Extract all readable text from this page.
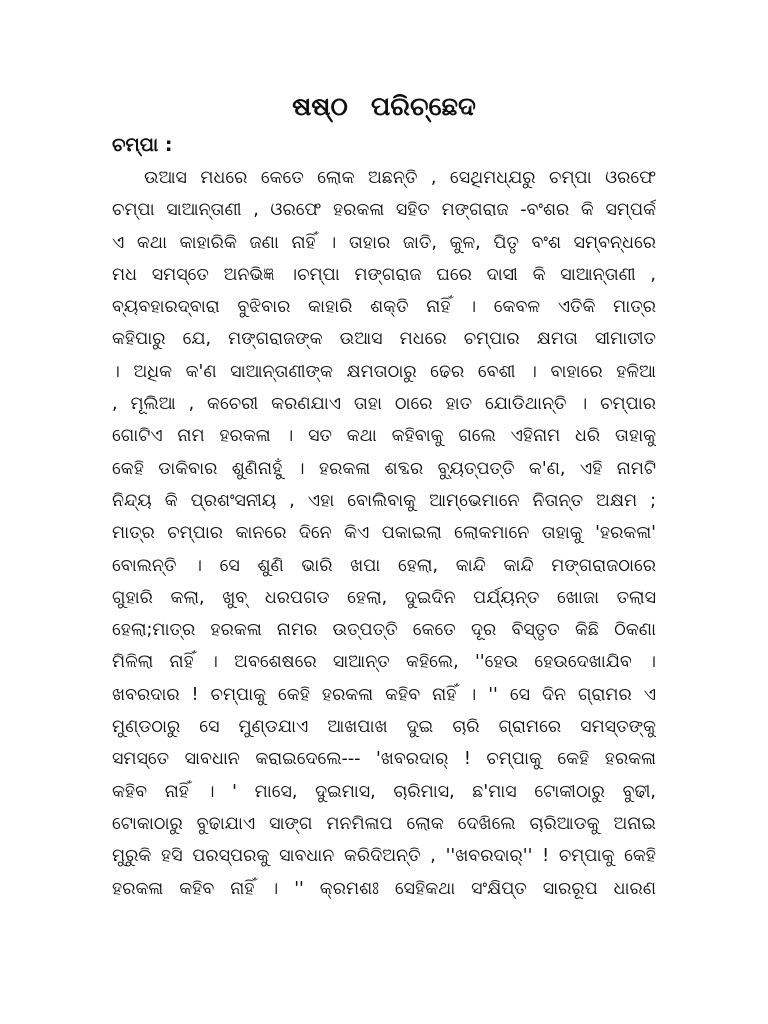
ଷଷ୍ଠ ପରିଚ୍ଛେଦ
ଚମ୍ପା :
ଉଆସ ମଧରେ କେତେ ଲୋକ ଅଛନ୍ତି , ସେଥିମଧ୍ଯରୁ ଚମ୍ପା ଓରଫେ
ଚମ୍ପା ସାଆନ୍ତାଣୀ , ଓରଫେ ହରକଳା ସହିତ ମଙ୍ଗରାଜ -ବଂଶର କି ସମ୍ପର୍କ
ଏ କଥା କାହାରିକି ଜଣା ନାହିଁ । ତାହାର ଜାତି, କୁଳ, ପିତୃ ବଂଶ ସମ୍ବନ୍ଧରେ
ମଧ ସମସ୍ତେ ଅନଭିଜ୍ଞ ।ଚମ୍ପା ମଙ୍ଗରାଜ ଘରେ ଦାସୀ କି ସାଆନ୍ତାଣୀ ,
ବ୍ୟବହାରଦ୍ବାରା ବୁଝିବାର କାହାରି ଶକ୍ତି ନାହିଁ । କେବଳ ଏତିକି ମାତ୍ର
କହିପାରୁ ଯେ, ମଙ୍ଗରାଜଙ୍କ ଉଆସ ମଧରେ ଚମ୍ପାର କ୍ଷମତା ସୀମାତୀତ
। ଅଧିକ କ'ଣ ସାଆନ୍ତାଣୀଙ୍କ କ୍ଷମତାଠାରୁ ଢେର ବେଶୀ । ବାହାରେ ହଳିଆ
, ମୂଲିଆ , କଚେରୀ କରଣଯାଏ ତାହା ଠାରେ ହାତ ଯୋଡିଥାନ୍ତି । ଚମ୍ପାର
ଗୋଟିଏ ନାମ ହରକଳା । ସତ କଥା କହିବାକୁ ଗଲେ ଏହିନାମ ଧରି ତାହାକୁ
କେହି ଡାକିବାର ଶୁଣିନାହୁଁ । ହରକଳା ଶବ୍ଦର ବ୍ୟୁତ୍ପତ୍ତି କ'ଣ, ଏହି ନାମଟି
ନିନ୍ଦ୍ୟ କି ପ୍ରଶଂସନୀୟ , ଏହା ବୋଲିବାକୁ ଆମ୍ଭେମାନେ ନିତାନ୍ତ ଅକ୍ଷମ ;
ମାତ୍ର ଚମ୍ପାର କାନରେ ଦିନେ କିଏ ପକାଇଲା ଲୋକମାନେ ତାହାକୁ 'ହରକଳା'
ବୋଲନ୍ତି । ସେ ଶୁଣି ଭାରି ଖପା ହେଲା, କାନ୍ଦି କାନ୍ଦି ମଙ୍ଗରାଜଠାରେ
ଗୁହାରି କଲା, ଖୁବ୍ ଧରପଗଡ ହେଲା, ଦୁଇଦିନ ପର୍ଯ୍ୟନ୍ତ ଖୋଜା ତଲାସ
ହେଲା;ମାତ୍ର ହରକଳା ନାମର ଉତ୍ପତ୍ତି କେତେ ଦୂର ବିସ୍ତୃତ କିଛି ଠିକଣା
ମିଳିଲା ନାହିଁ । ଅବଶେଷରେ ସାଆନ୍ତ କହିଲେ, ''ହେଉ ହେଉଦେଖାଯିବ ।
ଖବରଦାର ! ଚମ୍ପାକୁ କେହି ହରକଳା କହିବ ନାହିଁ । '' ସେ ଦିନ ଗ୍ରାମର ଏ
ମୁଣ୍ଡଠାରୁ ସେ ମୁଣ୍ଡଯାଏ ଆଖପାଖ ଦୁଇ ଚାରି ଗ୍ରାମରେ ସମସ୍ତଙ୍କୁ
ସମସ୍ତେ ସାବଧାନ କରାଇଦେଲେ--- 'ଖବରଦାର୍ ! ଚମ୍ପାକୁ କେହି ହରକଳା
କହିବ ନାହିଁ । ' ମାସେ, ଦୁଇମାସ, ଚାରିମାସ, ଛ'ମାସ ଟୋକୀଠାରୁ ବୁଢୀ,
ଟୋକାଠାରୁ ବୁଢାଯାଏ ସାଙ୍ଗ ମନମିଳାପ ଲୋକ ଦେଖିଲେ ଚାରିଆଡକୁ ଅନାଇ
ମୁରୁକି ହସି ପରସ୍ପରକୁ ସାବଧାନ କରିଦିଅନ୍ତି , ''ଖବରଦାର୍'' ! ଚମ୍ପାକୁ କେହି
ହରକଳା କହିବ ନାହିଁ । '' କ୍ରମଶଃ ସେହିକଥା ସଂକ୍ଷିପ୍ତ ସାରରୂପ ଧାରଣ
